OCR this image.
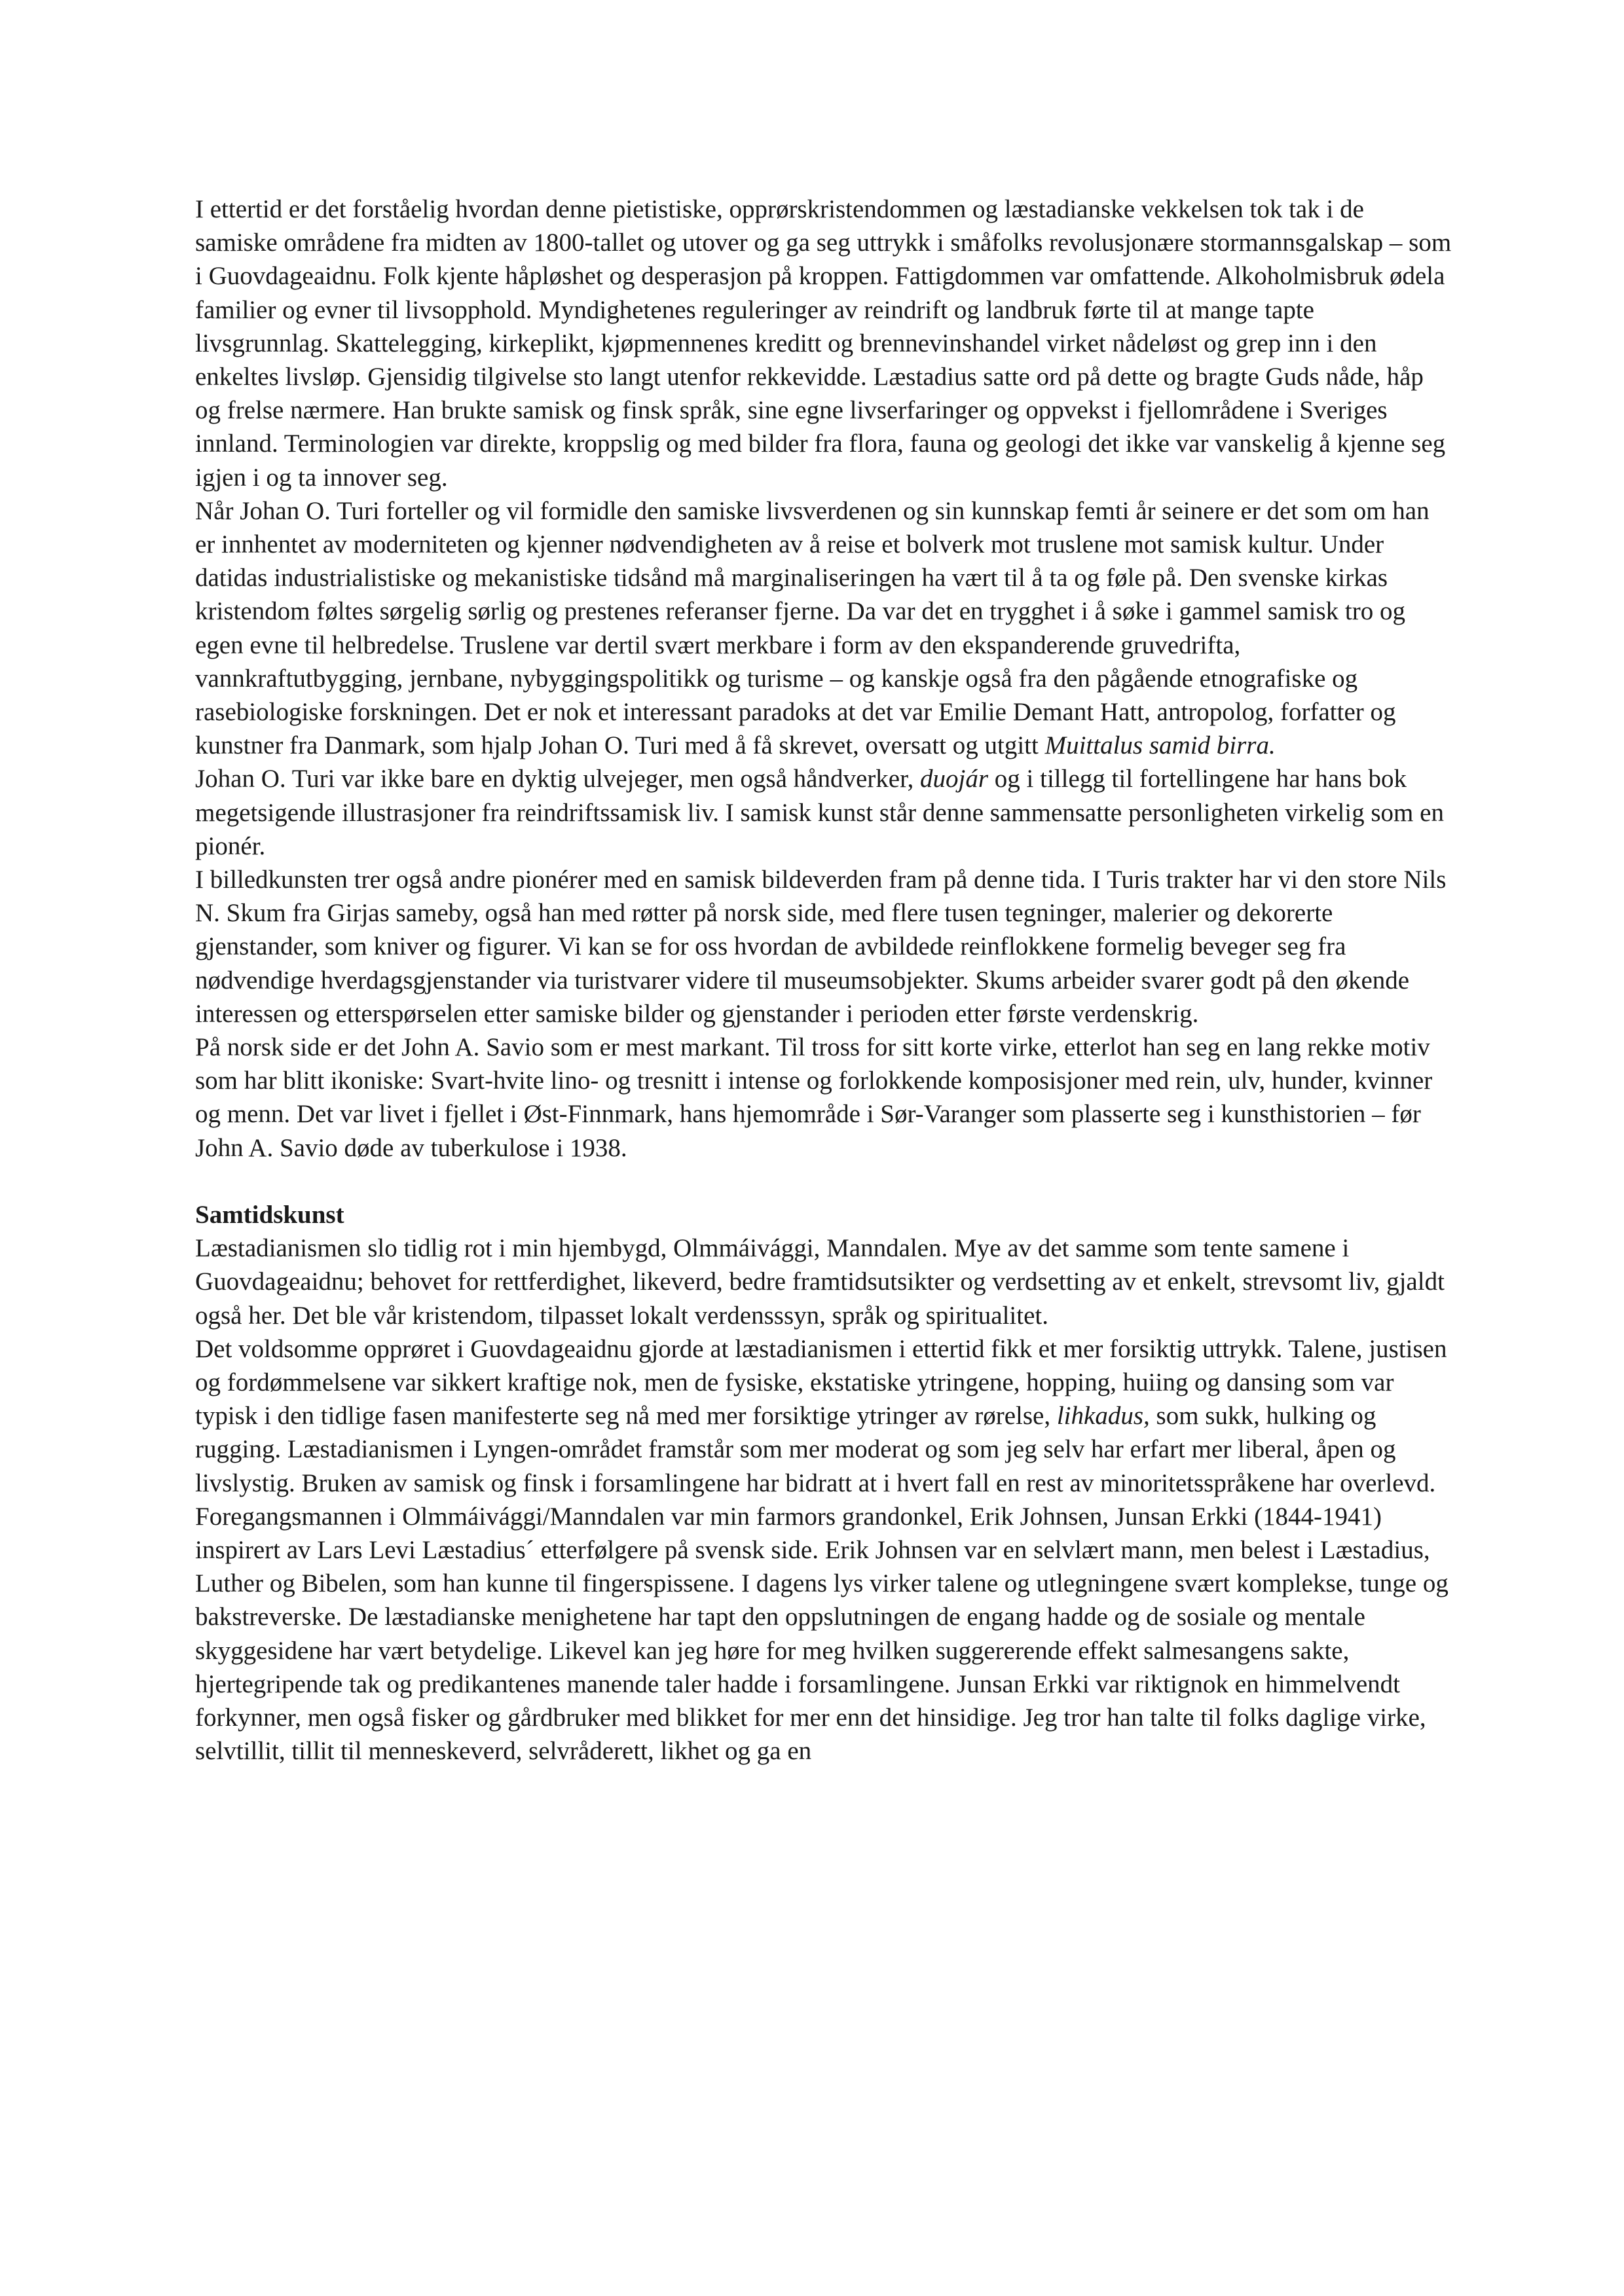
I ettertid er det forståelig hvordan denne pietistiske, opprørskristendommen og læstadianske vekkelsen tok tak i de samiske områdene fra midten av 1800-tallet og utover og ga seg uttrykk i småfolks revolusjonære stormannsgalskap – som i Guovdageaidnu. Folk kjente håpløshet og desperasjon på kroppen. Fattigdommen var omfattende. Alkoholmisbruk ødela familier og evner til livsopphold. Myndighetenes reguleringer av reindrift og landbruk førte til at mange tapte livsgrunnlag. Skattelegging, kirkeplikt, kjøpmennenes kreditt og brennevinshandel virket nådeløst og grep inn i den enkeltes livsløp. Gjensidig tilgivelse sto langt utenfor rekkevidde. Læstadius satte ord på dette og bragte Guds nåde, håp og frelse nærmere. Han brukte samisk og finsk språk, sine egne livserfaringer og oppvekst i fjellområdene i Sveriges innland. Terminologien var direkte, kroppslig og med bilder fra flora, fauna og geologi det ikke var vanskelig å kjenne seg igjen i og ta innover seg.

Når Johan O. Turi forteller og vil formidle den samiske livsverdenen og sin kunnskap femti år seinere er det som om han er innhentet av moderniteten og kjenner nødvendigheten av å reise et bolverk mot truslene mot samisk kultur. Under datidas industrialistiske og mekanistiske tidsånd må marginaliseringen ha vært til å ta og føle på. Den svenske kirkas kristendom føltes sørgelig sørlig og prestenes referanser fjerne. Da var det en trygghet i å søke i gammel samisk tro og egen evne til helbredelse. Truslene var dertil svært merkbare i form av den ekspanderende gruvedrifta, vannkraftutbygging, jernbane, nybyggingspolitikk og turisme – og kanskje også fra den pågående etnografiske og rasebiologiske forskningen. Det er nok et interessant paradoks at det var Emilie Demant Hatt, antropolog, forfatter og kunstner fra Danmark, som hjalp Johan O. Turi med å få skrevet, oversatt og utgitt Muittalus samid birra.

Johan O. Turi var ikke bare en dyktig ulvejeger, men også håndverker, duojár og i tillegg til fortellingene har hans bok megetsigende illustrasjoner fra reindriftssamisk liv. I samisk kunst står denne sammensatte personligheten virkelig som en pionér.

I billedkunsten trer også andre pionérer med en samisk bildeverden fram på denne tida. I Turis trakter har vi den store Nils N. Skum fra Girjas sameby, også han med røtter på norsk side, med flere tusen tegninger, malerier og dekorerte gjenstander, som kniver og figurer. Vi kan se for oss hvordan de avbildede reinflokkene formelig beveger seg fra nødvendige hverdagsgjenstander via turistvarer videre til museumsobjekter. Skums arbeider svarer godt på den økende interessen og etterspørselen etter samiske bilder og gjenstander i perioden etter første verdenskrig.

På norsk side er det John A. Savio som er mest markant. Til tross for sitt korte virke, etterlot han seg en lang rekke motiv som har blitt ikoniske: Svart-hvite lino- og tresnitt i intense og forlokkende komposisjoner med rein, ulv, hunder, kvinner og menn. Det var livet i fjellet i Øst-Finnmark, hans hjemområde i Sør-Varanger som plasserte seg i kunsthistorien – før John A. Savio døde av tuberkulose i 1938.

Samtidskunst

Læstadianismen slo tidlig rot i min hjembygd, Olmmáivággi, Manndalen. Mye av det samme som tente samene i Guovdageaidnu; behovet for rettferdighet, likeverd, bedre framtidsutsikter og verdsetting av et enkelt, strevsomt liv, gjaldt også her. Det ble vår kristendom, tilpasset lokalt verdensssyn, språk og spiritualitet.

Det voldsomme opprøret i Guovdageaidnu gjorde at læstadianismen i ettertid fikk et mer forsiktig uttrykk. Talene, justisen og fordømmelsene var sikkert kraftige nok, men de fysiske, ekstatiske ytringene, hopping, huiing og dansing som var typisk i den tidlige fasen manifesterte seg nå med mer forsiktige ytringer av rørelse, lihkadus, som sukk, hulking og rugging. Læstadianismen i Lyngen-området framstår som mer moderat og som jeg selv har erfart mer liberal, åpen og livslystig. Bruken av samisk og finsk i forsamlingene har bidratt at i hvert fall en rest av minoritetsspråkene har overlevd.

Foregangsmannen i Olmmáivággi/Manndalen var min farmors grandonkel, Erik Johnsen, Junsan Erkki (1844-1941) inspirert av Lars Levi Læstadius´ etterfølgere på svensk side. Erik Johnsen var en selvlært mann, men belest i Læstadius, Luther og Bibelen, som han kunne til fingerspissene. I dagens lys virker talene og utlegningene svært komplekse, tunge og bakstreverske. De læstadianske menighetene har tapt den oppslutningen de engang hadde og de sosiale og mentale skyggesidene har vært betydelige. Likevel kan jeg høre for meg hvilken suggererende effekt salmesangens sakte, hjertegripende tak og predikantenes manende taler hadde i forsamlingene. Junsan Erkki var riktignok en himmelvendt forkynner, men også fisker og gårdbruker med blikket for mer enn det hinsidige. Jeg tror han talte til folks daglige virke, selvtillit, tillit til menneskeverd, selvråderett, likhet og ga en
